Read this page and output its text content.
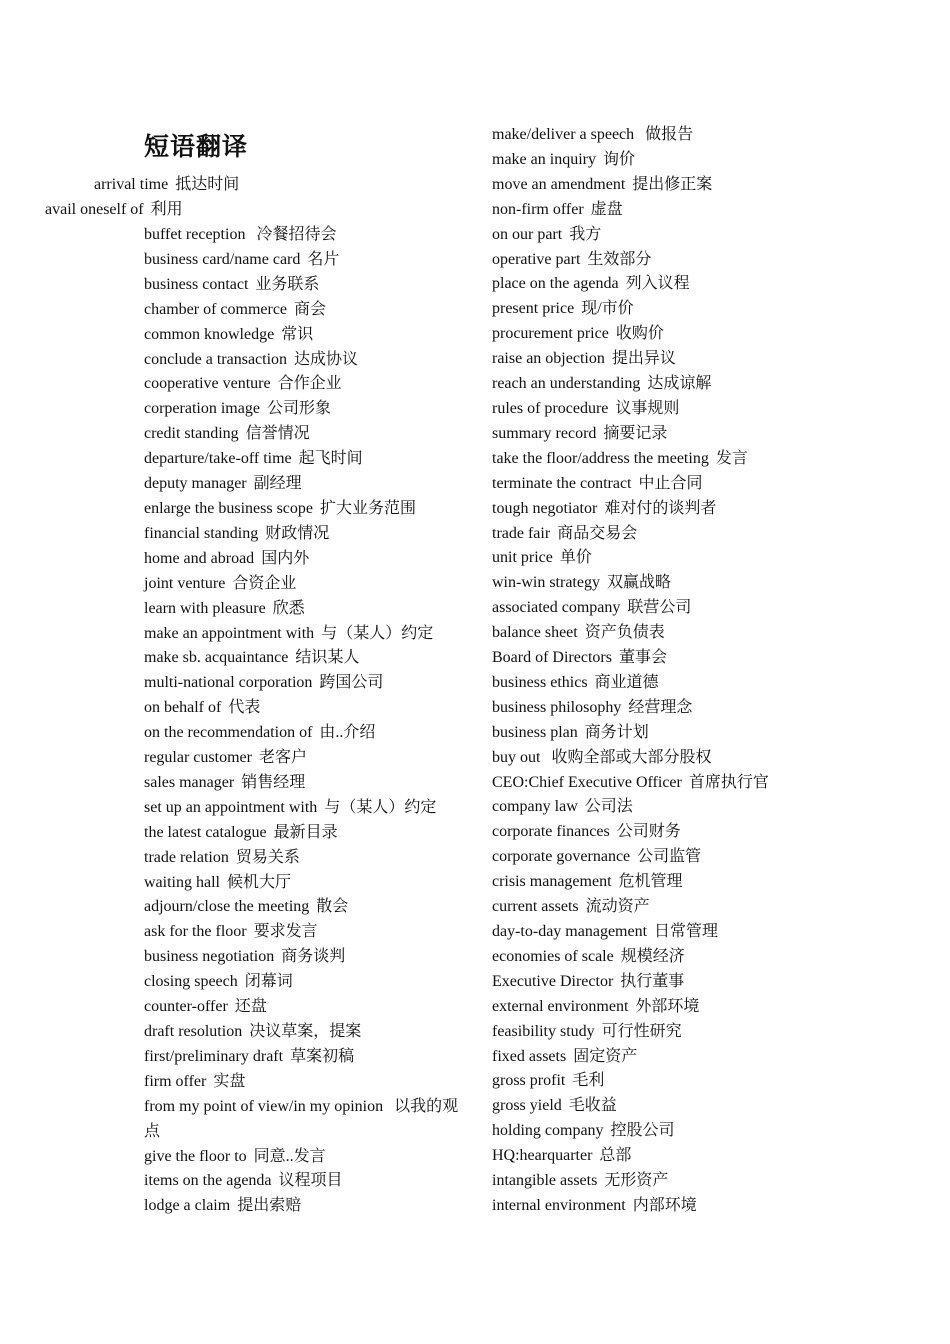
短语翻译
arrival time 抵达时间
avail oneself of 利用
buffet reception 冷餐招待会
business card/name card 名片
business contact 业务联系
chamber of commerce 商会
common knowledge 常识
conclude a transaction 达成协议
cooperative venture 合作企业
corperation image 公司形象
credit standing 信誉情况
departure/take-off time 起飞时间
deputy manager 副经理
enlarge the business scope 扩大业务范围
financial standing 财政情况
home and abroad 国内外
joint venture 合资企业
learn with pleasure 欣悉
make an appointment with 与（某人）约定
make sb. acquaintance 结识某人
multi-national corporation 跨国公司
on behalf of 代表
on the recommendation of 由..介绍
regular customer 老客户
sales manager 销售经理
set up an appointment with 与（某人）约定
the latest catalogue 最新目录
trade relation 贸易关系
waiting hall 候机大厅
adjourn/close the meeting 散会
ask for the floor 要求发言
business negotiation 商务谈判
closing speech 闭幕词
counter-offer 还盘
draft resolution 决议草案，提案
first/preliminary draft 草案初稿
firm offer 实盘
from my point of view/in my opinion 以我的观点
give the floor to 同意..发言
items on the agenda 议程项目
lodge a claim 提出索赔
make/deliver a speech 做报告
make an inquiry 询价
move an amendment 提出修正案
non-firm offer 虚盘
on our part 我方
operative part 生效部分
place on the agenda 列入议程
present price 现/市价
procurement price 收购价
raise an objection 提出异议
reach an understanding 达成谅解
rules of procedure 议事规则
summary record 摘要记录
take the floor/address the meeting 发言
terminate the contract 中止合同
tough negotiator 难对付的谈判者
trade fair 商品交易会
unit price 单价
win-win strategy 双赢战略
associated company 联营公司
balance sheet 资产负债表
Board of Directors 董事会
business ethics 商业道德
business philosophy 经营理念
business plan 商务计划
buy out 收购全部或大部分股权
CEO:Chief Executive Officer 首席执行官
company law 公司法
corporate finances 公司财务
corporate governance 公司监管
crisis management 危机管理
current assets 流动资产
day-to-day management 日常管理
economies of scale 规模经济
Executive Director 执行董事
external environment 外部环境
feasibility study 可行性研究
fixed assets 固定资产
gross profit 毛利
gross yield 毛收益
holding company 控股公司
HQ:hearquarter 总部
intangible assets 无形资产
internal environment 内部环境
